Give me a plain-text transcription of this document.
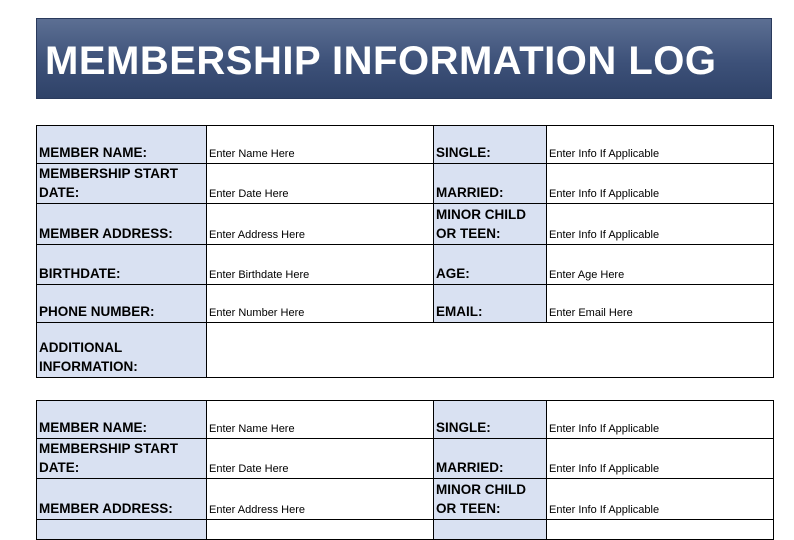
MEMBERSHIP INFORMATION LOG
MEMBER NAME:	Enter Name Here	SINGLE:	Enter Info If Applicable
MEMBERSHIP START
DATE:	Enter Date Here	MARRIED:	Enter Info If Applicable
MEMBER ADDRESS:	Enter Address Here	MINOR CHILD
OR TEEN:	Enter Info If Applicable
BIRTHDATE:	Enter Birthdate Here	AGE:	Enter Age Here
PHONE NUMBER:	Enter Number Here	EMAIL:	Enter Email Here
ADDITIONAL
INFORMATION:			
MEMBER NAME:	Enter Name Here	SINGLE:	Enter Info If Applicable
MEMBERSHIP START
DATE:	Enter Date Here	MARRIED:	Enter Info If Applicable
MEMBER ADDRESS:	Enter Address Here	MINOR CHILD
OR TEEN:	Enter Info If Applicable
